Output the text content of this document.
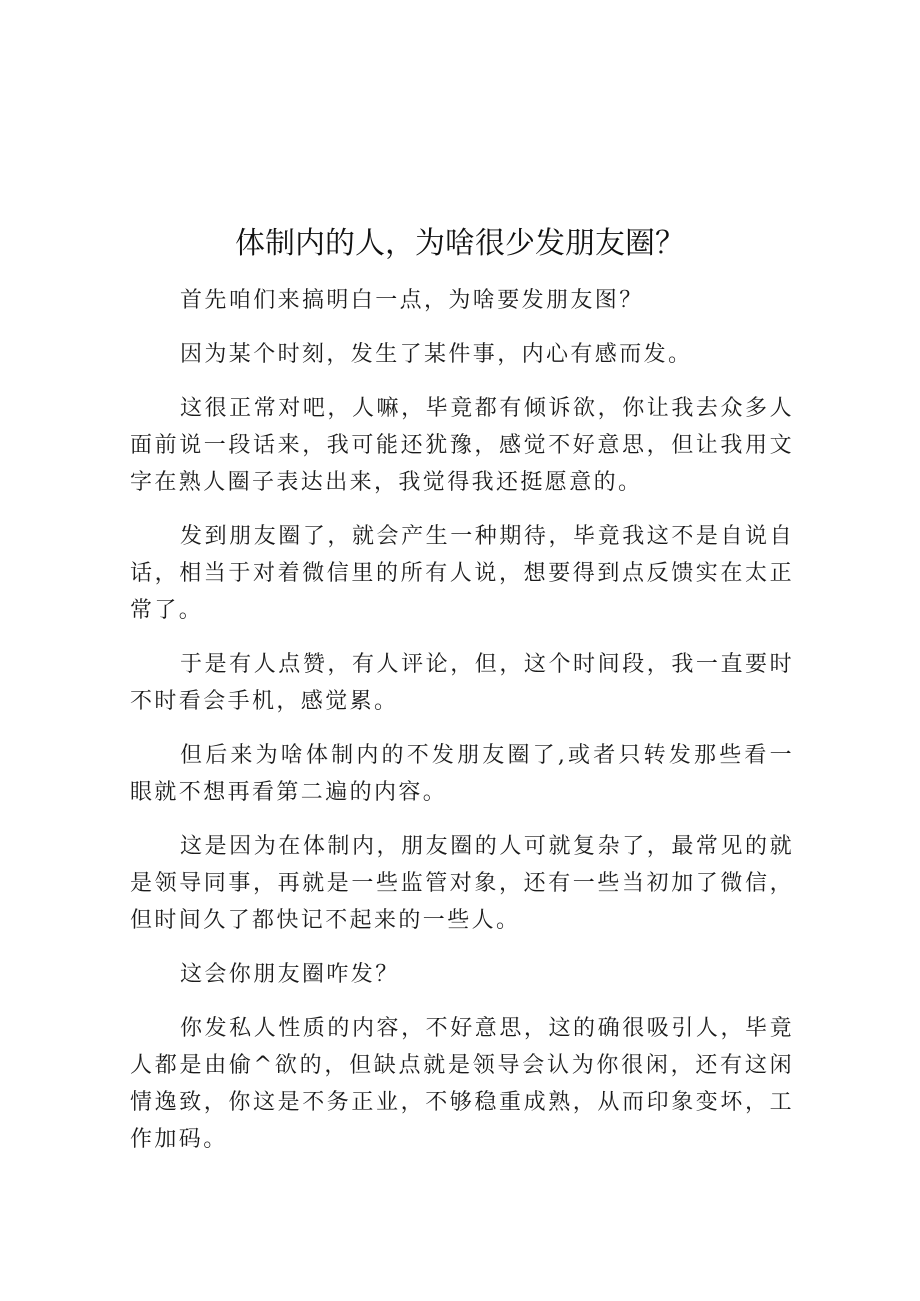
体制内的人，为啥很少发朋友圈？

首先咱们来搞明白一点，为啥要发朋友图？

因为某个时刻，发生了某件事，内心有感而发。

这很正常对吧，人嘛，毕竟都有倾诉欲，你让我去众多人面前说一段话来，我可能还犹豫，感觉不好意思，但让我用文字在熟人圈子表达出来，我觉得我还挺愿意的。

发到朋友圈了，就会产生一种期待，毕竟我这不是自说自话，相当于对着微信里的所有人说，想要得到点反馈实在太正常了。

于是有人点赞，有人评论，但，这个时间段，我一直要时不时看会手机，感觉累。

但后来为啥体制内的不发朋友圈了,或者只转发那些看一眼就不想再看第二遍的内容。

这是因为在体制内，朋友圈的人可就复杂了，最常见的就是领导同事，再就是一些监管对象，还有一些当初加了微信，但时间久了都快记不起来的一些人。

这会你朋友圈咋发？

你发私人性质的内容，不好意思，这的确很吸引人，毕竟人都是由偷^欲的，但缺点就是领导会认为你很闲，还有这闲情逸致，你这是不务正业，不够稳重成熟，从而印象变坏，工作加码。
